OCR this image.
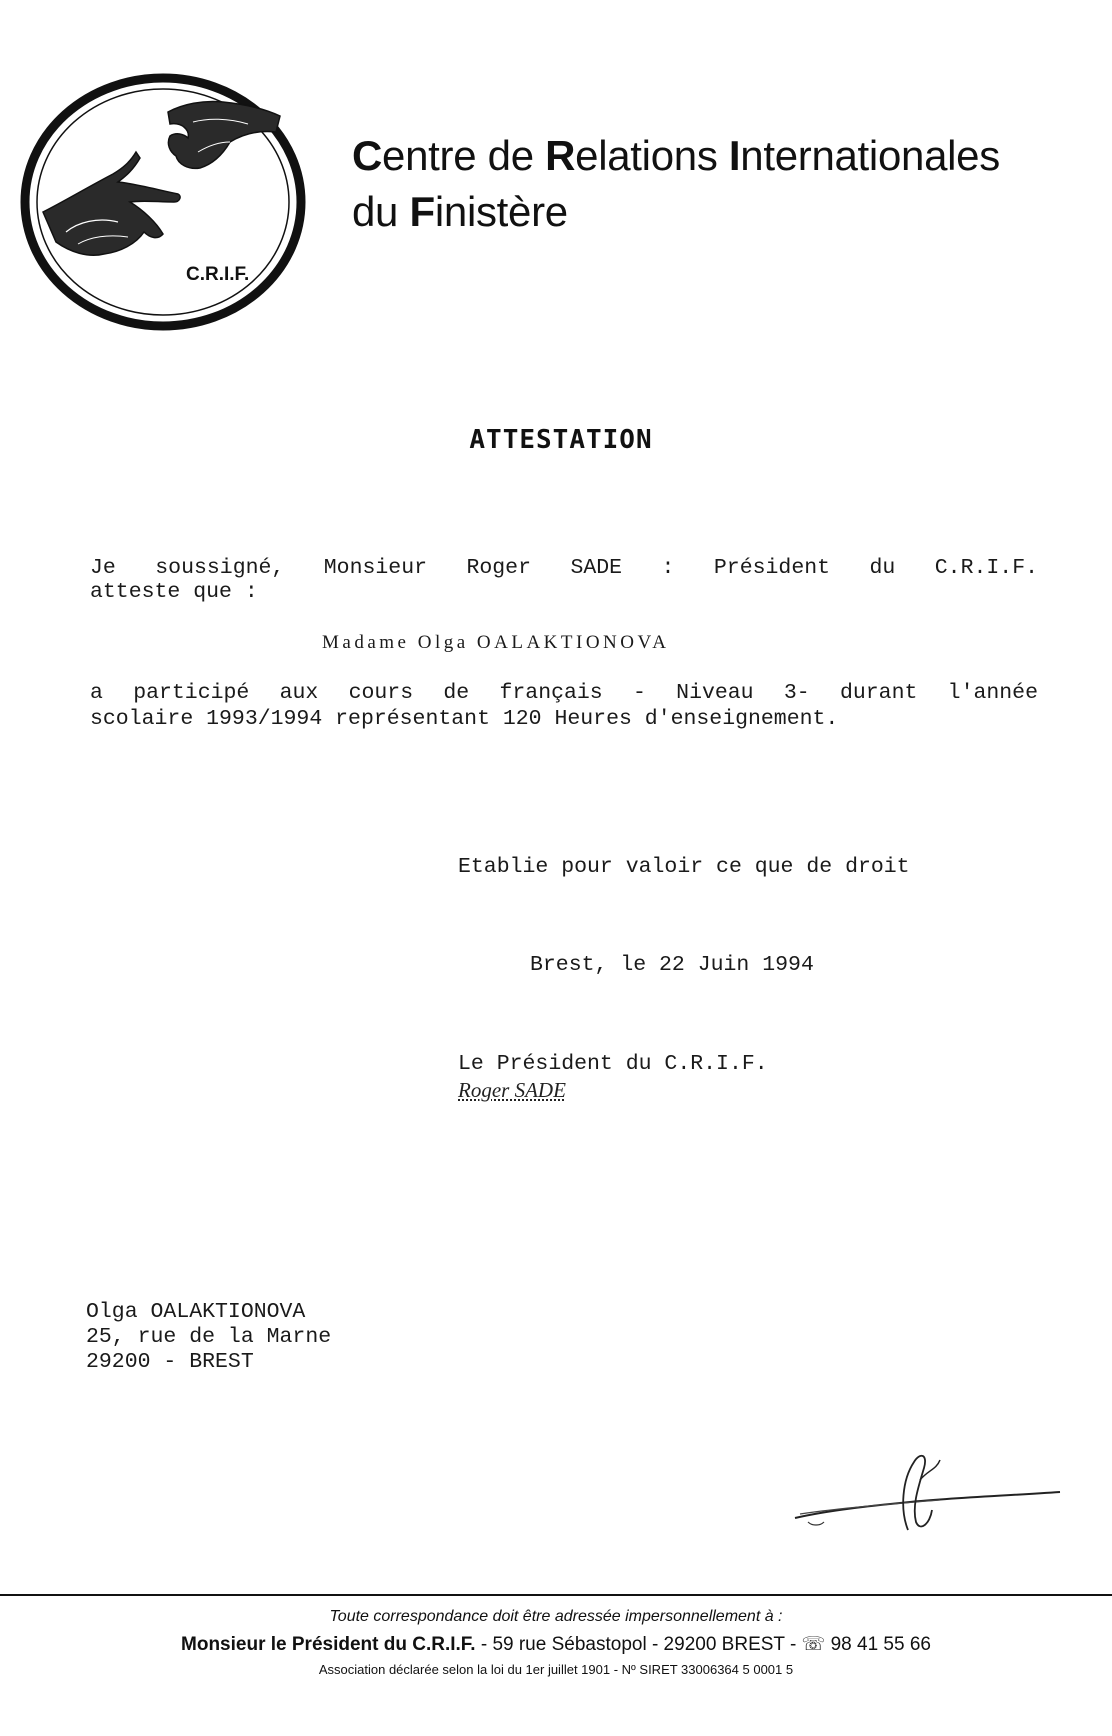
C.R.I.F.
Centre de Relations Internationales
du Finistère
ATTESTATION
Je soussigné, Monsieur Roger SADE : Président du C.R.I.F.
atteste que :
Madame Olga OALAKTIONOVA
a participé aux cours de français - Niveau 3- durant l'année
scolaire 1993/1994 représentant 120 Heures d'enseignement.
Etablie pour valoir ce que de droit
Brest, le 22 Juin 1994
Le Président du C.R.I.F.
Roger SADE
Olga OALAKTIONOVA
25, rue de la Marne
29200 - BREST
Toute correspondance doit être adressée impersonnellement à :
Monsieur le Président du C.R.I.F. - 59 rue Sébastopol - 29200 BREST - ☏ 98 41 55 66
Association déclarée selon la loi du 1er juillet 1901 - Nº SIRET 33006364 5 0001 5
